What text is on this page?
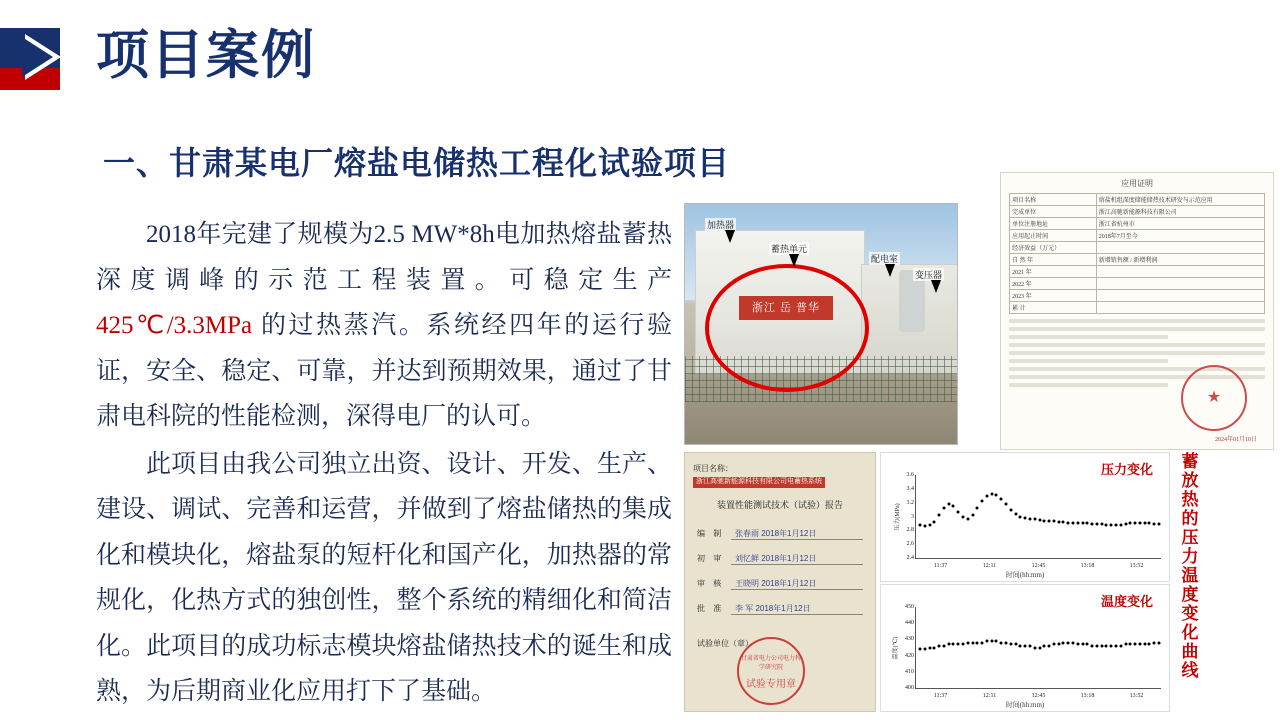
项目案例
一、甘肃某电厂熔盐电储热工程化试验项目

2018年完建了规模为2.5 MW*8h电加热熔盐蓄热深度调峰的示范工程装置。可稳定生产 425℃/3.3MPa 的过热蒸汽。系统经四年的运行验证，安全、稳定、可靠，并达到预期效果，通过了甘肃电科院的性能检测，深得电厂的认可。

此项目由我公司独立出资、设计、开发、生产、建设、调试、完善和运营，并做到了熔盐储热的集成化和模块化，熔盐泵的短杆化和国产化，加热器的常规化，化热方式的独创性，整个系统的精细化和简洁化。此项目的成功标志模块熔盐储热技术的诞生和成熟，为后期商业化应用打下了基础。

浙江 岳 普华
加热器
蓄热单元
配电室
变压器
应用证明
项目名称	熔盐机组深度储能储热技术研发与示范应用
完成单位	浙江高驰新能源科技有限公司
单位注册地址	浙江省杭州市
应用起止时间	2018年7月至今
经济效益（万元）	
自 然 年	新增销售额 / 新增利润
2021 年	
2022 年	
2023 年	
累 计	
★
2024年01月10日
项目名称： 浙江高驰新能源科技有限公司电蓄热系统
装置性能测试技术（试验）报告
编 制	张春雨 2018年1月12日
初 审	刘忆鲜 2018年1月12日
审 核	王晓明 2018年1月12日
批 准	李 军 2018年1月12日
试验单位（章）
甘肃省电力公司电力科学研究院
试验专用章
压力变化
压力(MPa)
2.4
2.6
2.8
3
3.2
3.4
3.6
11:37	12:11	12:45	13:18	13:52
时间(hh:mm)
温度变化
温度(℃)
400
410
420
430
440
450
11:37	12:11	12:45	13:18	13:52
时间(hh:mm)
蓄放热的压力温度变化曲线
